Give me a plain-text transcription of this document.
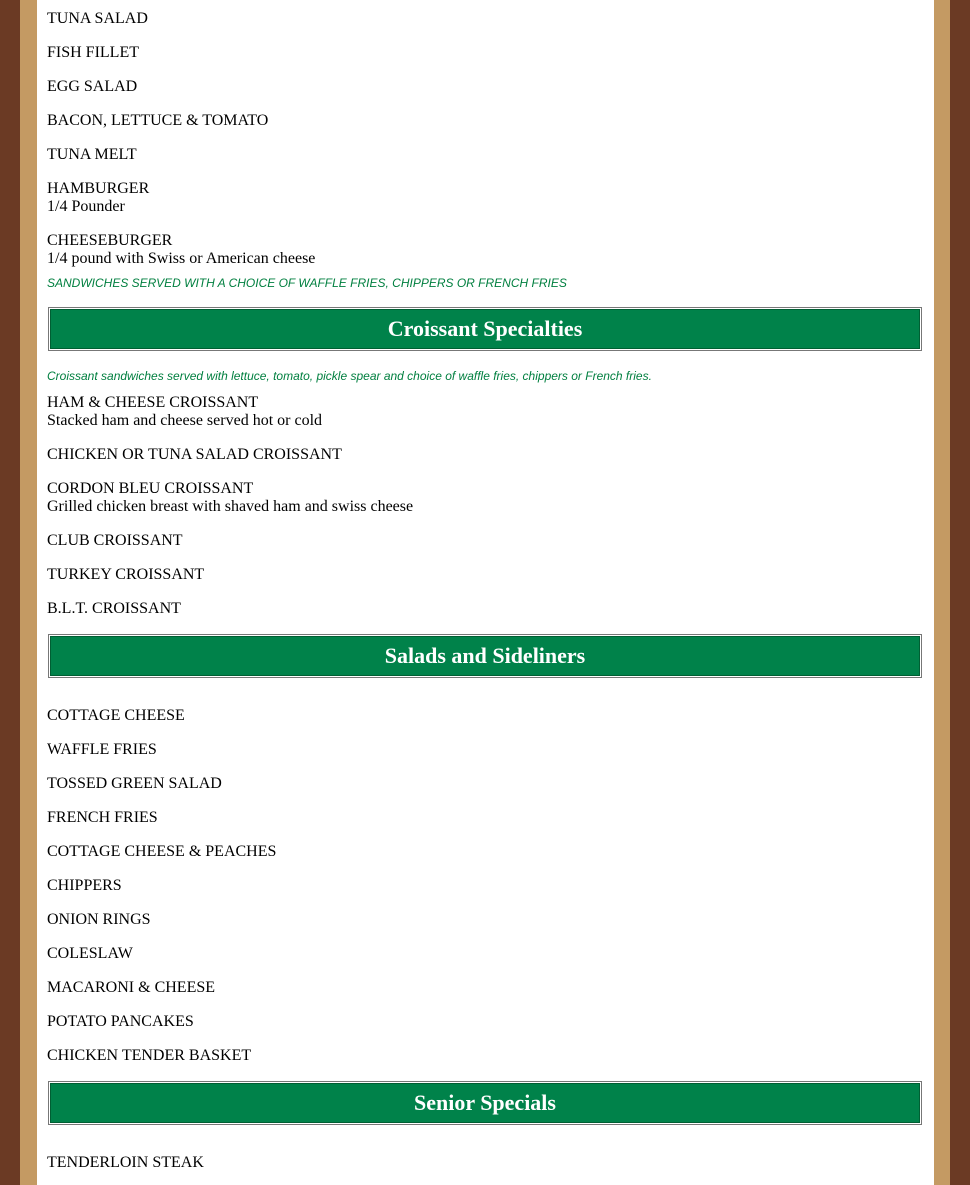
TUNA SALAD
FISH FILLET
EGG SALAD
BACON, LETTUCE & TOMATO
TUNA MELT
HAMBURGER
1/4 Pounder
CHEESEBURGER
1/4 pound with Swiss or American cheese

SANDWICHES SERVED WITH A CHOICE OF WAFFLE FRIES, CHIPPERS OR FRENCH FRIES

Croissant Specialties

Croissant sandwiches served with lettuce, tomato, pickle spear and choice of waffle fries, chippers or French fries.

HAM & CHEESE CROISSANT
Stacked ham and cheese served hot or cold
CHICKEN OR TUNA SALAD CROISSANT
CORDON BLEU CROISSANT
Grilled chicken breast with shaved ham and swiss cheese
CLUB CROISSANT
TURKEY CROISSANT
B.L.T. CROISSANT
Salads and Sideliners
COTTAGE CHEESE
WAFFLE FRIES
TOSSED GREEN SALAD
FRENCH FRIES
COTTAGE CHEESE & PEACHES
CHIPPERS
ONION RINGS
COLESLAW
MACARONI & CHEESE
POTATO PANCAKES
CHICKEN TENDER BASKET
Senior Specials
TENDERLOIN STEAK
